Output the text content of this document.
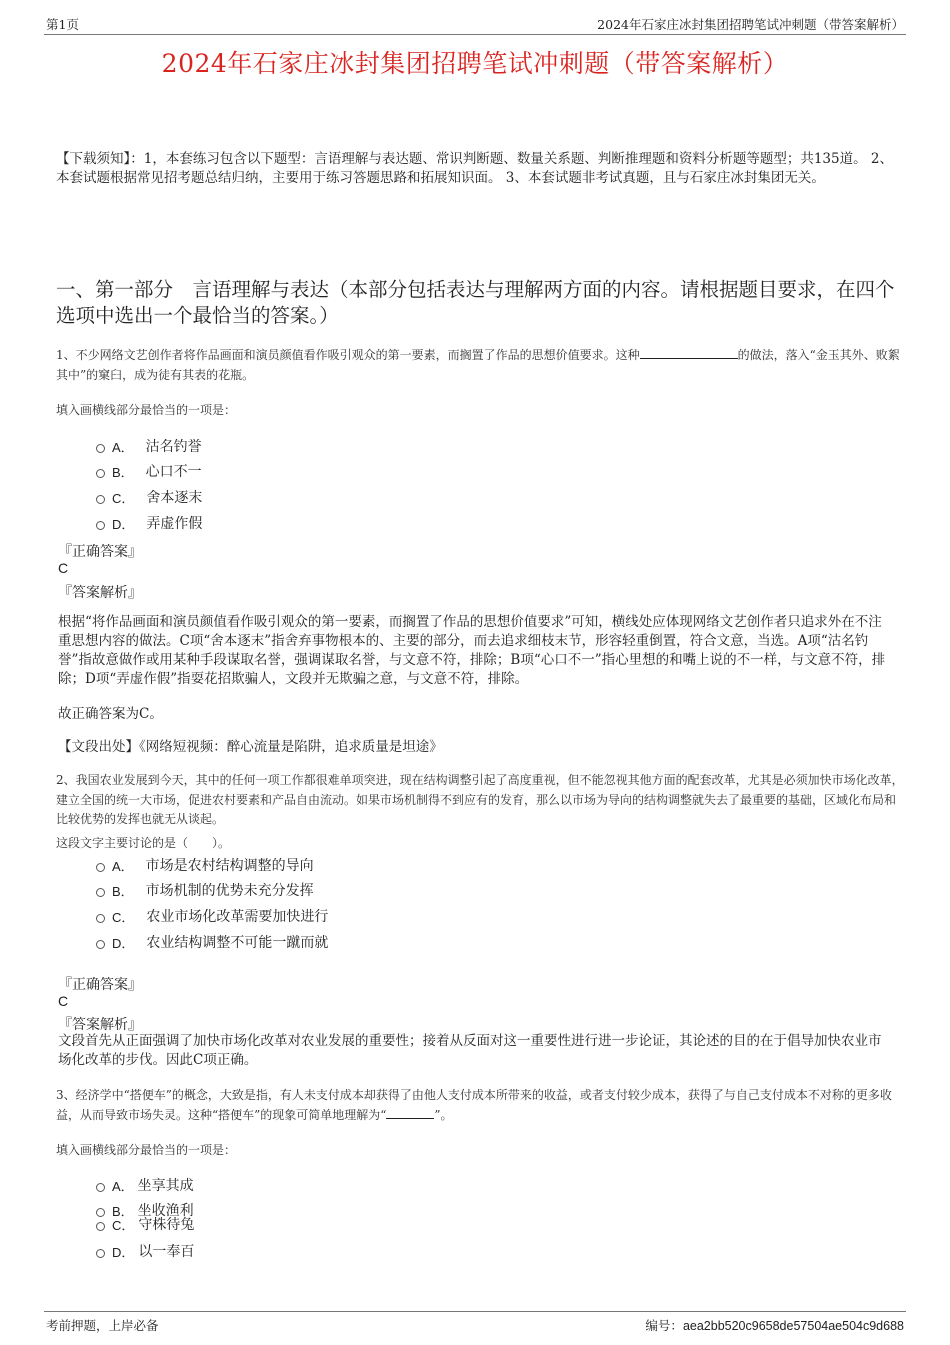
第1页	2024年石家庄冰封集团招聘笔试冲刺题（带答案解析）
2024年石家庄冰封集团招聘笔试冲刺题（带答案解析）
【下载须知】：1，本套练习包含以下题型：言语理解与表达题、常识判断题、数量关系题、判断推理题和资料分析题等题型；共135道。 2、本套试题根据常见招考题总结归纳，主要用于练习答题思路和拓展知识面。 3、本套试题非考试真题，且与石家庄冰封集团无关。
一、第一部分　言语理解与表达（本部分包括表达与理解两方面的内容。请根据题目要求，在四个选项中选出一个最恰当的答案。）
1、不少网络文艺创作者将作品画面和演员颜值看作吸引观众的第一要素，而搁置了作品的思想价值要求。这种	的做法，落入“金玉其外、败絮其中”的窠臼，成为徒有其表的花瓶。
填入画横线部分最恰当的一项是：
A． 沽名钓誉
B． 心口不一
C． 舍本逐末
D． 弄虚作假
『正确答案』
C
『答案解析』
根据“将作品画面和演员颜值看作吸引观众的第一要素，而搁置了作品的思想价值要求”可知，横线处应体现网络文艺创作者只追求外在不注重思想内容的做法。C项“舍本逐末”指舍弃事物根本的、主要的部分，而去追求细枝末节，形容轻重倒置，符合文意，当选。A项“沽名钓誉”指故意做作或用某种手段谋取名誉，强调谋取名誉，与文意不符，排除；B项“心口不一”指心里想的和嘴上说的不一样，与文意不符，排除；D项“弄虚作假”指耍花招欺骗人，文段并无欺骗之意，与文意不符，排除。
故正确答案为C。
【文段出处】《网络短视频：醉心流量是陷阱，追求质量是坦途》
2、我国农业发展到今天，其中的任何一项工作都很难单项突进，现在结构调整引起了高度重视，但不能忽视其他方面的配套改革，尤其是必须加快市场化改革，建立全国的统一大市场，促进农村要素和产品自由流动。如果市场机制得不到应有的发育，那么以市场为导向的结构调整就失去了最重要的基础，区域化布局和比较优势的发挥也就无从谈起。
这段文字主要讨论的是（　　）。
A． 市场是农村结构调整的导向
B． 市场机制的优势未充分发挥
C． 农业市场化改革需要加快进行
D． 农业结构调整不可能一蹴而就
『正确答案』
C
『答案解析』
文段首先从正面强调了加快市场化改革对农业发展的重要性；接着从反面对这一重要性进行进一步论证，其论述的目的在于倡导加快农业市场化改革的步伐。因此C项正确。
3、经济学中“搭便车”的概念，大致是指，有人未支付成本却获得了由他人支付成本所带来的收益，或者支付较少成本，获得了与自己支付成本不对称的更多收益，从而导致市场失灵。这种“搭便车”的现象可简单地理解为“	”。
填入画横线部分最恰当的一项是：
A． 坐享其成
B． 坐收渔利
C． 守株待兔
D． 以一奉百
考前押题，上岸必备	编号：aea2bb520c9658de57504ae504c9d688
